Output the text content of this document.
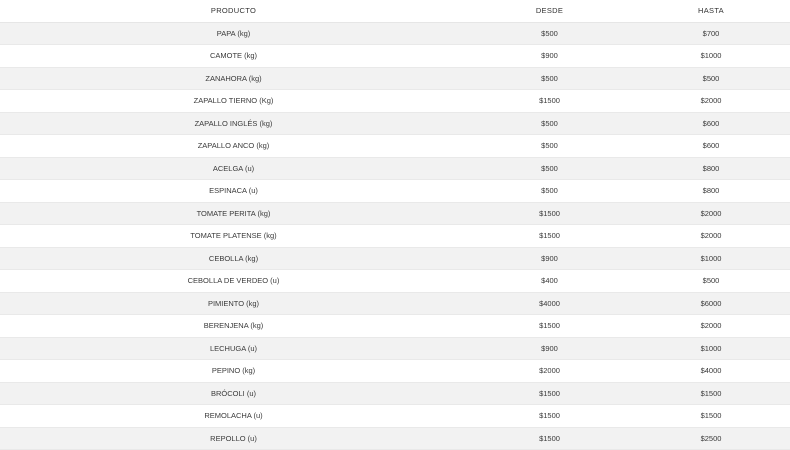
PRODUCTO	DESDE	HASTA
PAPA (kg)	$500	$700
CAMOTE (kg)	$900	$1000
ZANAHORA (kg)	$500	$500
ZAPALLO TIERNO (Kg)	$1500	$2000
ZAPALLO INGLÉS (kg)	$500	$600
ZAPALLO ANCO (kg)	$500	$600
ACELGA (u)	$500	$800
ESPINACA (u)	$500	$800
TOMATE PERITA (kg)	$1500	$2000
TOMATE PLATENSE (kg)	$1500	$2000
CEBOLLA (kg)	$900	$1000
CEBOLLA DE VERDEO (u)	$400	$500
PIMIENTO (kg)	$4000	$6000
BERENJENA (kg)	$1500	$2000
LECHUGA (u)	$900	$1000
PEPINO (kg)	$2000	$4000
BRÓCOLI (u)	$1500	$1500
REMOLACHA (u)	$1500	$1500
REPOLLO (u)	$1500	$2500
